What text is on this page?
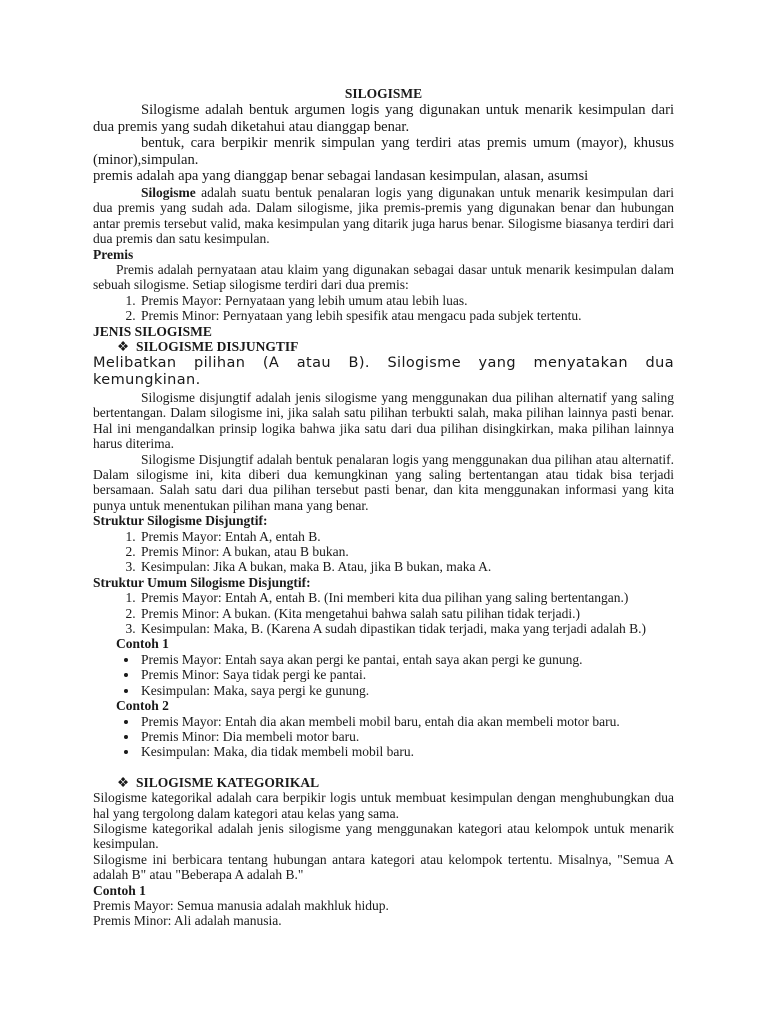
SILOGISME

Silogisme adalah bentuk argumen logis yang digunakan untuk menarik kesimpulan dari dua premis yang sudah diketahui atau dianggap benar.

bentuk, cara berpikir menrik simpulan yang terdiri atas premis umum (mayor), khusus (minor),simpulan.

premis adalah apa yang dianggap benar sebagai landasan kesimpulan, alasan, asumsi

Silogisme adalah suatu bentuk penalaran logis yang digunakan untuk menarik kesimpulan dari dua premis yang sudah ada. Dalam silogisme, jika premis-premis yang digunakan benar dan hubungan antar premis tersebut valid, maka kesimpulan yang ditarik juga harus benar. Silogisme biasanya terdiri dari dua premis dan satu kesimpulan.

Premis

Premis adalah pernyataan atau klaim yang digunakan sebagai dasar untuk menarik kesimpulan dalam sebuah silogisme. Setiap silogisme terdiri dari dua premis:

1. Premis Mayor: Pernyataan yang lebih umum atau lebih luas.
2. Premis Minor: Pernyataan yang lebih spesifik atau mengacu pada subjek tertentu.

JENIS SILOGISME

❖ SILOGISME DISJUNGTIF

Melibatkan pilihan (A atau B). Silogisme yang menyatakan dua kemungkinan.

Silogisme disjungtif adalah jenis silogisme yang menggunakan dua pilihan alternatif yang saling bertentangan. Dalam silogisme ini, jika salah satu pilihan terbukti salah, maka pilihan lainnya pasti benar. Hal ini mengandalkan prinsip logika bahwa jika satu dari dua pilihan disingkirkan, maka pilihan lainnya harus diterima.

Silogisme Disjungtif adalah bentuk penalaran logis yang menggunakan dua pilihan atau alternatif. Dalam silogisme ini, kita diberi dua kemungkinan yang saling bertentangan atau tidak bisa terjadi bersamaan. Salah satu dari dua pilihan tersebut pasti benar, dan kita menggunakan informasi yang kita punya untuk menentukan pilihan mana yang benar.

Struktur Silogisme Disjungtif:

1. Premis Mayor: Entah A, entah B.
2. Premis Minor: A bukan, atau B bukan.
3. Kesimpulan: Jika A bukan, maka B. Atau, jika B bukan, maka A.

Struktur Umum Silogisme Disjungtif:

1. Premis Mayor: Entah A, entah B. (Ini memberi kita dua pilihan yang saling bertentangan.)
2. Premis Minor: A bukan. (Kita mengetahui bahwa salah satu pilihan tidak terjadi.)
3. Kesimpulan: Maka, B. (Karena A sudah dipastikan tidak terjadi, maka yang terjadi adalah B.)

Contoh 1

• Premis Mayor: Entah saya akan pergi ke pantai, entah saya akan pergi ke gunung.
• Premis Minor: Saya tidak pergi ke pantai.
• Kesimpulan: Maka, saya pergi ke gunung.

Contoh 2

• Premis Mayor: Entah dia akan membeli mobil baru, entah dia akan membeli motor baru.
• Premis Minor: Dia membeli motor baru.
• Kesimpulan: Maka, dia tidak membeli mobil baru.

❖ SILOGISME KATEGORIKAL

Silogisme kategorikal adalah cara berpikir logis untuk membuat kesimpulan dengan menghubungkan dua hal yang tergolong dalam kategori atau kelas yang sama.

Silogisme kategorikal adalah jenis silogisme yang menggunakan kategori atau kelompok untuk menarik kesimpulan.

Silogisme ini berbicara tentang hubungan antara kategori atau kelompok tertentu. Misalnya, "Semua A adalah B" atau "Beberapa A adalah B."

Contoh 1

Premis Mayor: Semua manusia adalah makhluk hidup.

Premis Minor: Ali adalah manusia.
